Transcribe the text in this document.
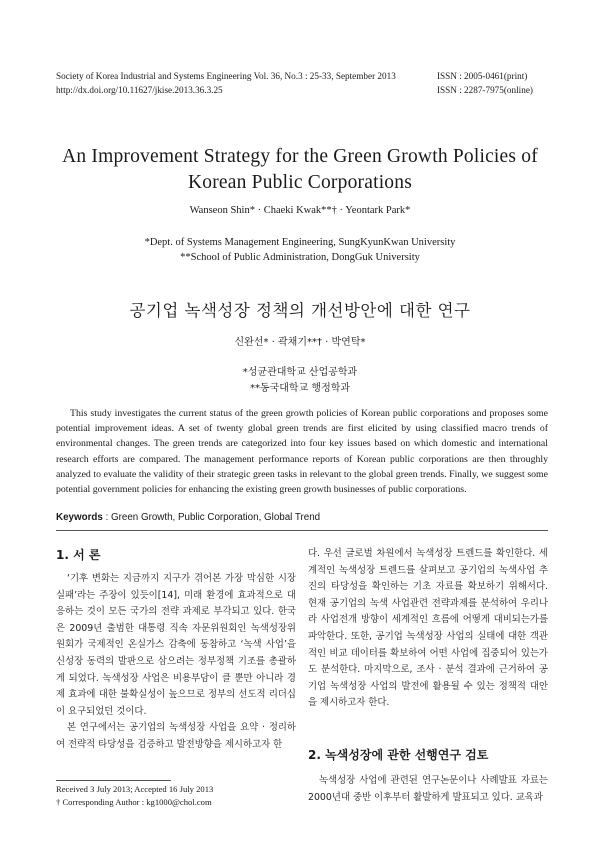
Society of Korea Industrial and Systems Engineering Vol. 36, No.3 : 25-33, September 2013
http://dx.doi.org/10.11627/jkise.2013.36.3.25
ISSN : 2005-0461(print)
ISSN : 2287-7975(online)
An Improvement Strategy for the Green Growth Policies of
Korean Public Corporations
Wanseon Shin* · Chaeki Kwak**† · Yeontark Park*
*Dept. of Systems Management Engineering, SungKyunKwan University
**School of Public Administration, DongGuk University
공기업 녹색성장 정책의 개선방안에 대한 연구
신완선* · 곽채기**† · 박연탁*
*성균관대학교 산업공학과
**동국대학교 행정학과
This study investigates the current status of the green growth policies of Korean public corporations and proposes some potential improvement ideas. A set of twenty global green trends are first elicited by using classified macro trends of environmental changes. The green trends are categorized into four key issues based on which domestic and international research efforts are compared. The management performance reports of Korean public corporations are then throughly analyzed to evaluate the validity of their strategic green tasks in relevant to the global green trends. Finally, we suggest some potential government policies for enhancing the existing green growth businesses of public corporations.
Keywords : Green Growth, Public Corporation, Global Trend
1. 서 론

‘기후 변화는 지금까지 지구가 겪어본 가장 막심한 시장실패’라는 주장이 있듯이[14], 미래 환경에 효과적으로 대응하는 것이 모든 국가의 전략 과제로 부각되고 있다. 한국은 2009년 출범한 대통령 직속 자문위원회인 녹색성장위원회가 국제적인 온실가스 감축에 동참하고 ‘녹색 사업’을 신성장 동력의 발판으로 삼으려는 정부정책 기조를 총괄하게 되었다. 녹색성장 사업은 비용부담이 클 뿐만 아니라 경제 효과에 대한 불확실성이 높으므로 정부의 선도적 리더십이 요구되었던 것이다.

본 연구에서는 공기업의 녹색성장 사업을 요약 · 정리하여 전략적 타당성을 검증하고 발전방향을 제시하고자 한

다. 우선 글로벌 차원에서 녹색성장 트렌드를 확인한다. 세계적인 녹색성장 트렌드를 살펴보고 공기업의 녹색사업 추진의 타당성을 확인하는 기초 자료를 확보하기 위해서다. 현재 공기업의 녹색 사업관련 전략과제를 분석하여 우리나라 사업전개 방향이 세계적인 흐름에 어떻게 대비되는가를 파악한다. 또한, 공기업 녹색성장 사업의 실태에 대한 객관적인 비교 데이터를 확보하여 어떤 사업에 집중되어 있는가도 분석한다. 마지막으로, 조사 · 분석 결과에 근거하여 공기업 녹색성장 사업의 발전에 활용될 수 있는 정책적 대안을 제시하고자 한다.

2. 녹색성장에 관한 선행연구 검토

녹색성장 사업에 관련된 연구논문이나 사례발표 자료는 2000년대 중반 이후부터 활발하게 발표되고 있다. 교육과

Received 3 July 2013; Accepted 16 July 2013
† Corresponding Author : kg1000@chol.com
